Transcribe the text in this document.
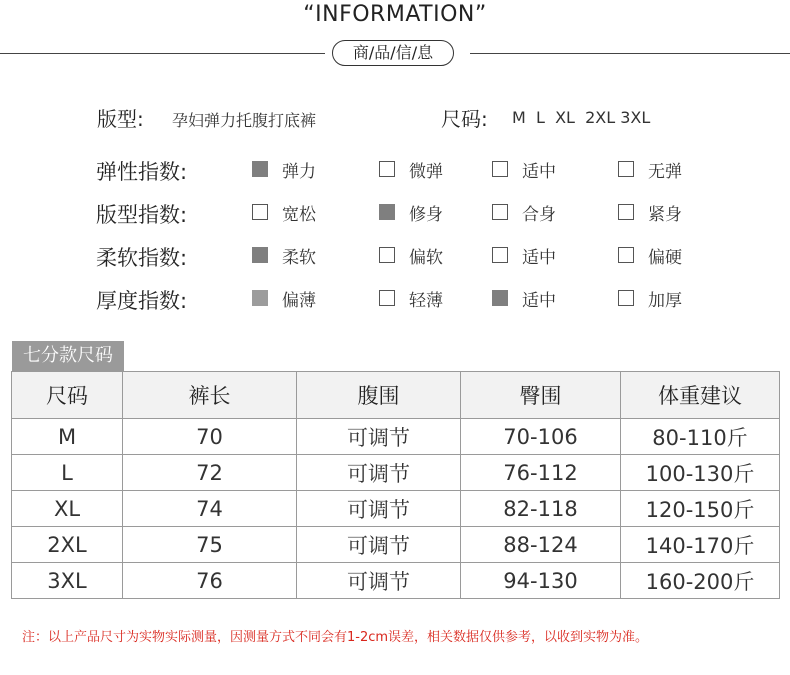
“INFORMATION”
商/品/信/息
版型: 孕妇弹力托腹打底裤	尺码: M  L  XL  2XL 3XL
弹性指数:	弹力	微弹	适中	无弹
版型指数:	宽松	修身	合身	紧身
柔软指数:	柔软	偏软	适中	偏硬
厚度指数:	偏薄	轻薄	适中	加厚
七分款尺码
尺码	裤长	腹围	臀围	体重建议
M	70	可调节	70-106	80-110斤
L	72	可调节	76-112	100-130斤
XL	74	可调节	82-118	120-150斤
2XL	75	可调节	88-124	140-170斤
3XL	76	可调节	94-130	160-200斤
注：以上产品尺寸为实物实际测量，因测量方式不同会有1-2cm误差，相关数据仅供参考，以收到实物为准。
